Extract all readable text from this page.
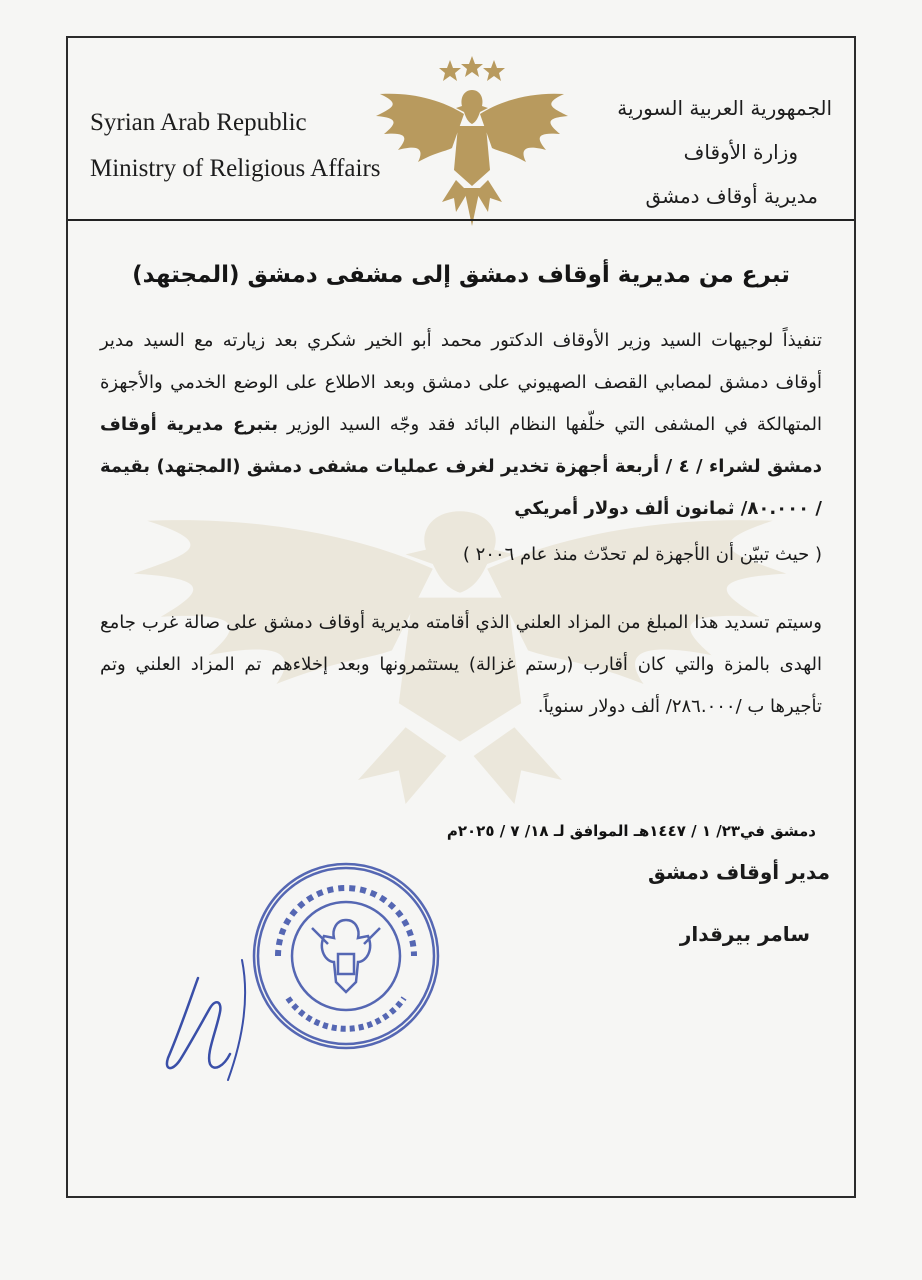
Syrian Arab Republic
Ministry of Religious Affairs
الجمهورية العربية السورية
وزارة الأوقاف
مديرية أوقاف دمشق
تبرع من مديرية أوقاف دمشق إلى مشفى دمشق (المجتهد)
تنفيذاً لوجيهات السيد وزير الأوقاف الدكتور محمد أبو الخير شكري بعد زيارته مع السيد مدير أوقاف دمشق لمصابي القصف الصهيوني على دمشق وبعد الاطلاع على الوضع الخدمي والأجهزة المتهالكة في المشفى التي خلّفها النظام البائد فقد وجّه السيد الوزير بتبرع مديرية أوقاف دمشق لشراء / ٤ / أربعة أجهزة تخدير لغرف عمليات مشفى دمشق (المجتهد) بقيمة / ٨٠.٠٠٠/ ثمانون ألف دولار أمريكي
( حيث تبيّن أن الأجهزة لم تحدّث منذ عام ٢٠٠٦ )
وسيتم تسديد هذا المبلغ من المزاد العلني الذي أقامته مديرية أوقاف دمشق على صالة غرب جامع الهدى بالمزة والتي كان أقارب (رستم غزالة) يستثمرونها وبعد إخلاءهم تم المزاد العلني وتم تأجيرها ب /٢٨٦.٠٠٠/ ألف دولار سنوياً.
دمشق في٢٣/ ١ / ١٤٤٧هـ الموافق لـ ١٨/ ٧ / ٢٠٢٥م
مدير أوقاف دمشق
سامر بيرقدار
